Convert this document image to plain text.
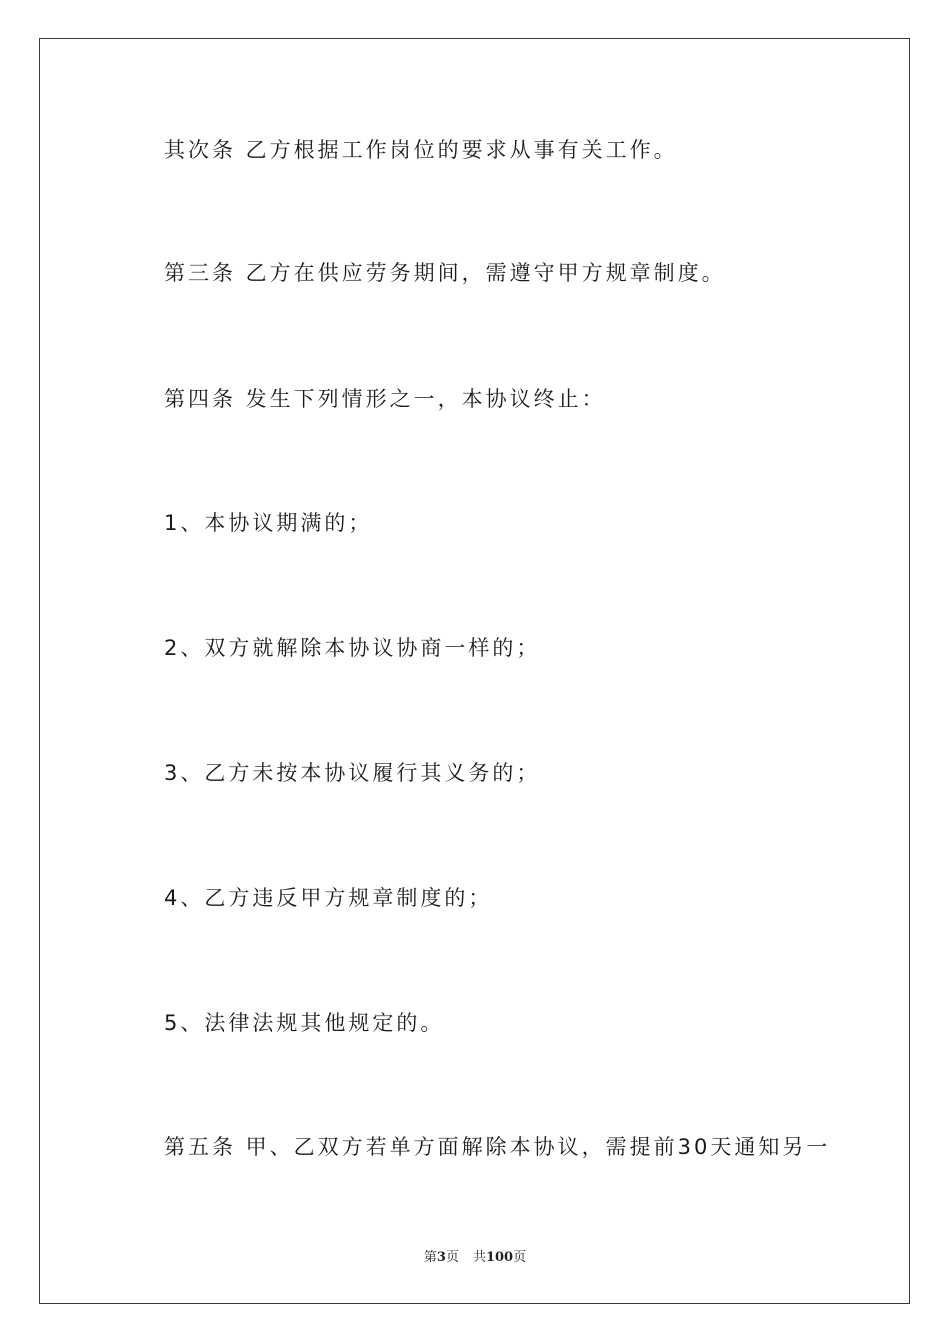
其次条 乙方根据工作岗位的要求从事有关工作。
第三条 乙方在供应劳务期间，需遵守甲方规章制度。
第四条 发生下列情形之一，本协议终止：
1、本协议期满的；
2、双方就解除本协议协商一样的；
3、乙方未按本协议履行其义务的；
4、乙方违反甲方规章制度的；
5、法律法规其他规定的。
第五条 甲、乙双方若单方面解除本协议，需提前30天通知另一
第3页 共100页
